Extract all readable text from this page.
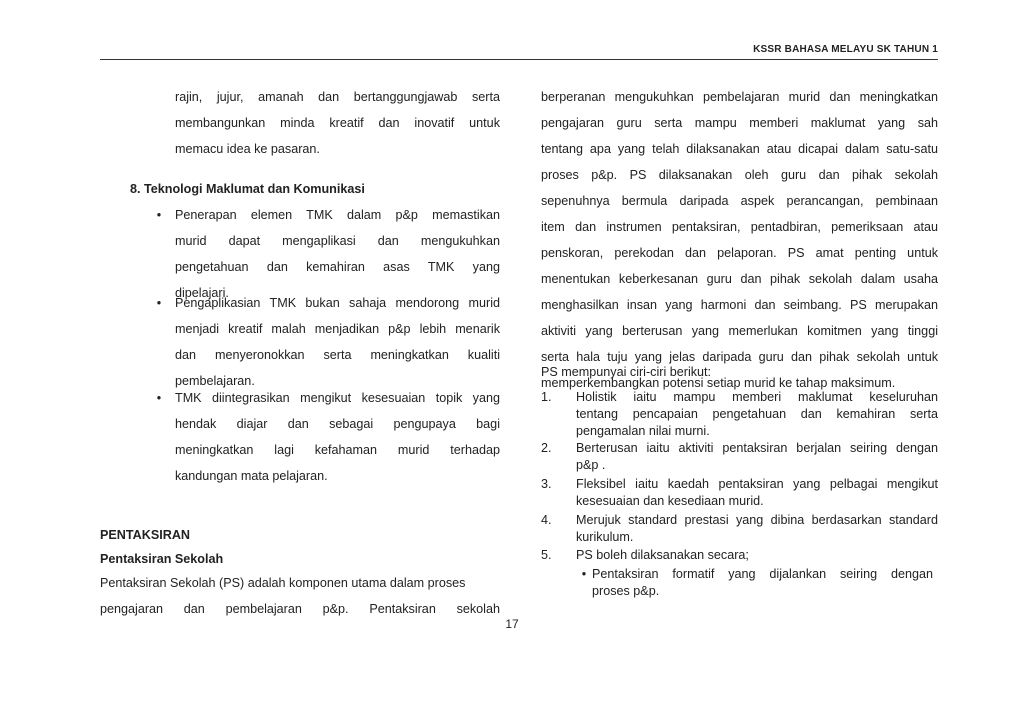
KSSR BAHASA MELAYU SK TAHUN 1
rajin, jujur, amanah dan bertanggungjawab serta
membangunkan minda kreatif dan inovatif untuk
memacu idea ke pasaran.
8. Teknologi Maklumat dan Komunikasi
•	Penerapan elemen TMK dalam p&p memastikan
murid dapat mengaplikasi dan mengukuhkan
pengetahuan dan kemahiran asas TMK yang
dipelajari.
•	Pengaplikasian TMK bukan sahaja mendorong murid
menjadi kreatif malah menjadikan p&p lebih menarik
dan menyeronokkan serta meningkatkan kualiti
pembelajaran.
•	TMK diintegrasikan mengikut kesesuaian topik yang
hendak diajar dan sebagai pengupaya bagi
meningkatkan lagi kefahaman murid terhadap
kandungan mata pelajaran.
PENTAKSIRAN
Pentaksiran Sekolah
Pentaksiran Sekolah (PS) adalah komponen utama dalam proses
pengajaran dan pembelajaran p&p. Pentaksiran sekolah
berperanan mengukuhkan pembelajaran murid dan meningkatkan
pengajaran guru serta mampu memberi maklumat yang sah
tentang apa yang telah dilaksanakan atau dicapai dalam satu-satu
proses p&p. PS dilaksanakan oleh guru dan pihak sekolah
sepenuhnya bermula daripada aspek perancangan, pembinaan
item dan instrumen pentaksiran, pentadbiran, pemeriksaan atau
penskoran, perekodan dan pelaporan. PS amat penting untuk
menentukan keberkesanan guru dan pihak sekolah dalam usaha
menghasilkan insan yang harmoni dan seimbang. PS merupakan
aktiviti yang berterusan yang memerlukan komitmen yang tinggi
serta hala tuju yang jelas daripada guru dan pihak sekolah untuk
memperkembangkan potensi setiap murid ke tahap maksimum.
PS mempunyai ciri-ciri berikut:
1. Holistik iaitu mampu memberi maklumat keseluruhan
tentang pencapaian pengetahuan dan kemahiran serta
pengamalan nilai murni.
2. Berterusan iaitu aktiviti pentaksiran berjalan seiring dengan
p&p .
3. Fleksibel iaitu kaedah pentaksiran yang pelbagai mengikut
kesesuaian dan kesediaan murid.
4. Merujuk standard prestasi yang dibina berdasarkan standard
kurikulum.
5. PS boleh dilaksanakan secara;
• Pentaksiran formatif yang dijalankan seiring dengan
proses p&p.
17
